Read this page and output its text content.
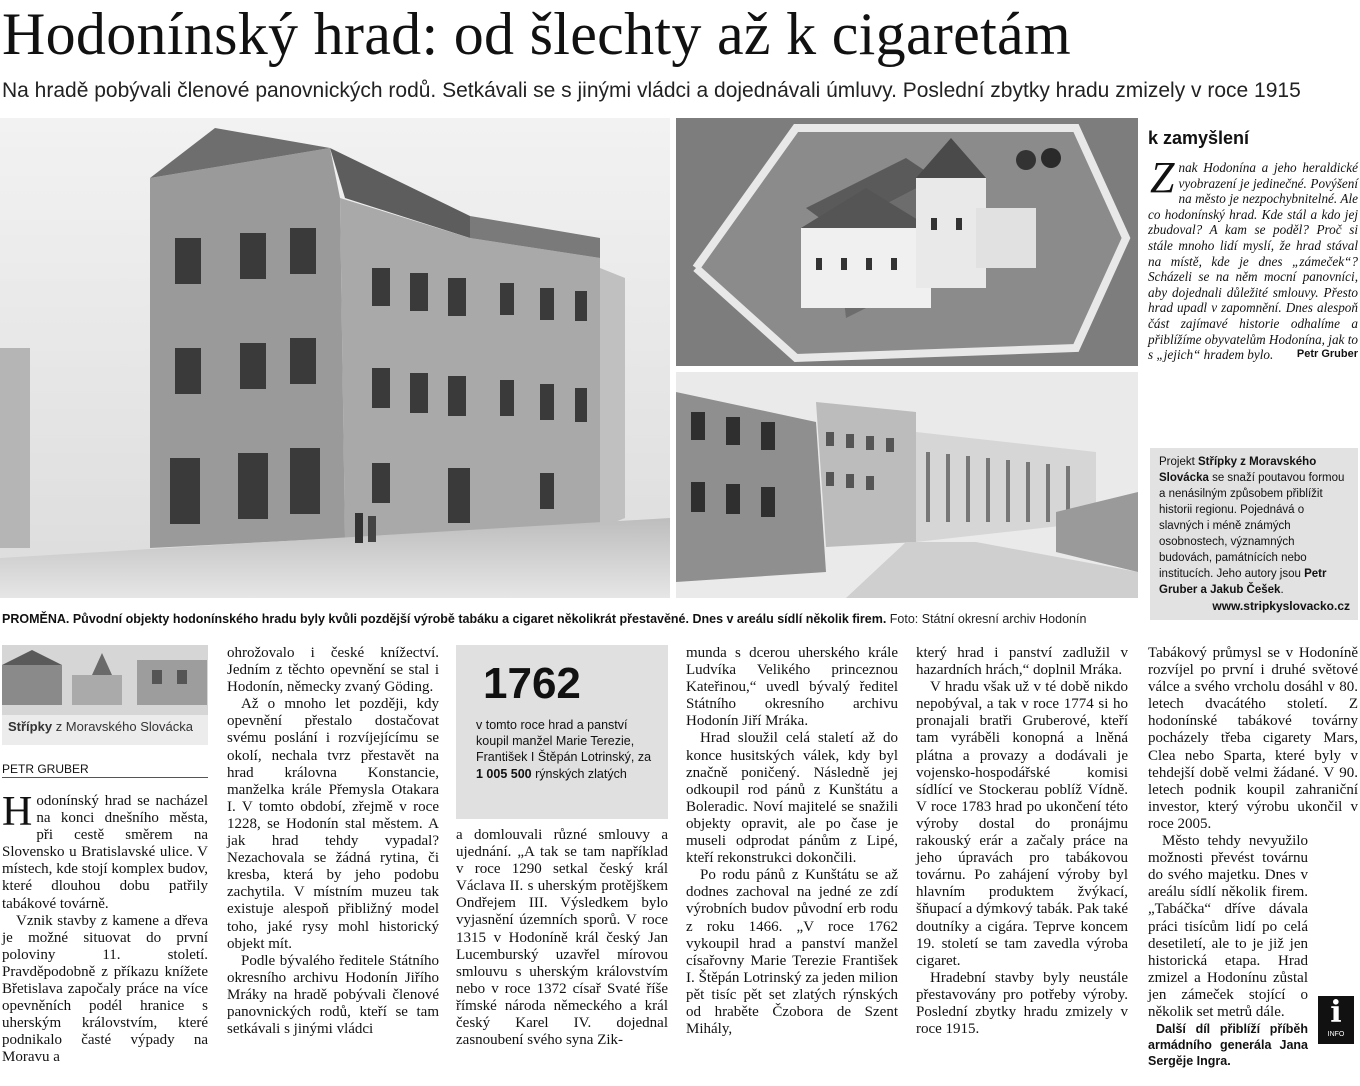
Hodonínský hrad: od šlechty až k cigaretám
Na hradě pobývali členové panovnických rodů. Setkávali se s jinými vládci a dojednávali úmluvy. Poslední zbytky hradu zmizely v roce 1915
PROMĚNA. Původní objekty hodonínského hradu byly kvůli pozdější výrobě tabáku a cigaret několikrát přestavěné. Dnes v areálu sídlí několik firem. Foto: Státní okresní archiv Hodonín
k zamyšlení
Znak Hodonína a jeho heraldické vyobrazení je jedinečné. Povýšení na město je nezpochybnitelné. Ale co hodonínský hrad. Kde stál a kdo jej zbudoval? A kam se poděl? Proč si stále mnoho lidí myslí, že hrad stával na místě, kde je dnes „zámeček“? Scházeli se na něm mocní panovníci, aby dojednali důležité smlouvy. Přesto hrad upadl v zapomnění. Dnes alespoň část zajímavé historie odhalíme a přiblížíme obyvatelům Hodonína, jak to s „jejich“ hradem bylo. Petr Gruber
Projekt Střípky z Moravského Slovácka se snaží poutavou formou a nenásilným způsobem přiblížit historii regionu. Pojednává o slavných i méně známých osobnostech, významných budovách, památnících nebo institucích. Jeho autory jsou Petr Gruber a Jakub Češek.
www.stripkyslovacko.cz
Střípky z Moravského Slovácka
PETR GRUBER

Hodonínský hrad se nacházel na konci dnešního města, při cestě směrem na Slovensko u Bratislavské ulice. V místech, kde stojí komplex budov, které dlouhou dobu patřily tabákové továrně.

Vznik stavby z kamene a dřeva je možné situovat do první poloviny 11. století. Pravděpodobně z příkazu knížete Břetislava započaly práce na více opevněních podél hranice s uherským královstvím, které podnikalo časté výpady na Moravu a

ohrožovalo i české knížectví. Jedním z těchto opevnění se stal i Hodonín, německy zvaný Göding.

Až o mnoho let později, kdy opevnění přestalo dostačovat svému poslání i rozvíjejícímu se okolí, nechala tvrz přestavět na hrad královna Konstancie, manželka krále Přemysla Otakara I. V tomto období, zřejmě v roce 1228, se Hodonín stal městem. A jak hrad tehdy vypadal? Nezachovala se žádná rytina, či kresba, která by jeho podobu zachytila. V místním muzeu tak existuje alespoň přibližný model toho, jaké rysy mohl historický objekt mít.

Podle bývalého ředitele Státního okresního archivu Hodonín Jiřího Mráky na hradě pobývali členové panovnických rodů, kteří se tam setkávali s jinými vládci

1762
v tomto roce hrad a panství koupil manžel Marie Terezie, František I Štěpán Lotrinský, za 1 005 500 rýnských zlatých

a domlouvali různé smlouvy a ujednání. „A tak se tam například v roce 1290 setkal český král Václava II. s uherským protějškem Ondřejem III. Výsledkem bylo vyjasnění územních sporů. V roce 1315 v Hodoníně král český Jan Lucemburský uzavřel mírovou smlouvu s uherským královstvím nebo v roce 1372 císař Svaté říše římské národa německého a král český Karel IV. dojednal zasnoubení svého syna Zik-

munda s dcerou uherského krále Ludvíka Velikého princeznou Kateřinou,“ uvedl bývalý ředitel Státního okresního archivu Hodonín Jiří Mráka.

Hrad sloužil celá staletí až do konce husitských válek, kdy byl značně poničený. Následně jej odkoupil rod pánů z Kunštátu a Boleradic. Noví majitelé se snažili objekty opravit, ale po čase je museli odprodat pánům z Lipé, kteří rekonstrukci dokončili.

Po rodu pánů z Kunštátu se až dodnes zachoval na jedné ze zdí výrobních budov původní erb rodu z roku 1466. „V roce 1762 vykoupil hrad a panství manžel císařovny Marie Terezie František I. Štěpán Lotrinský za jeden milion pět tisíc pět set zlatých rýnských od hraběte Čzobora de Szent Mihály,

který hrad i panství zadlužil v hazardních hrách,“ doplnil Mráka.

V hradu však už v té době nikdo nepobýval, a tak v roce 1774 si ho pronajali bratři Gruberové, kteří tam vyráběli konopná a lněná plátna a provazy a dodávali je vojensko-hospodářské komisi sídlící ve Stockerau poblíž Vídně. V roce 1783 hrad po ukončení této výroby dostal do pronájmu rakouský erár a začaly práce na jeho úpravách pro tabákovou továrnu. Po zahájení výroby byl hlavním produktem žvýkací, šňupací a dýmkový tabák. Pak také doutníky a cigára. Teprve koncem 19. století se tam zavedla výroba cigaret.

Hradební stavby byly neustále přestavovány pro potřeby výroby. Poslední zbytky hradu zmizely v roce 1915.

Tabákový průmysl se v Hodoníně rozvíjel po první i druhé světové válce a svého vrcholu dosáhl v 80. letech dvacátého století. Z hodonínské tabákové továrny pocházely třeba cigarety Mars, Clea nebo Sparta, které byly v tehdejší době velmi žádané. V 90. letech podnik koupil zahraniční investor, který výrobu ukončil v roce 2005.

Město tehdy nevyužilo možnosti převést továrnu do svého majetku. Dnes v areálu sídlí několik firem. „Tabáčka“ dříve dávala práci tisícům lidí po celá desetiletí, ale to je již jen historická etapa. Hrad zmizel a Hodonínu zůstal jen zámeček stojící o několik set metrů dále.

Další díl přiblíží příběh armádního generála Jana Sergěje Ingra.

i
INFO
